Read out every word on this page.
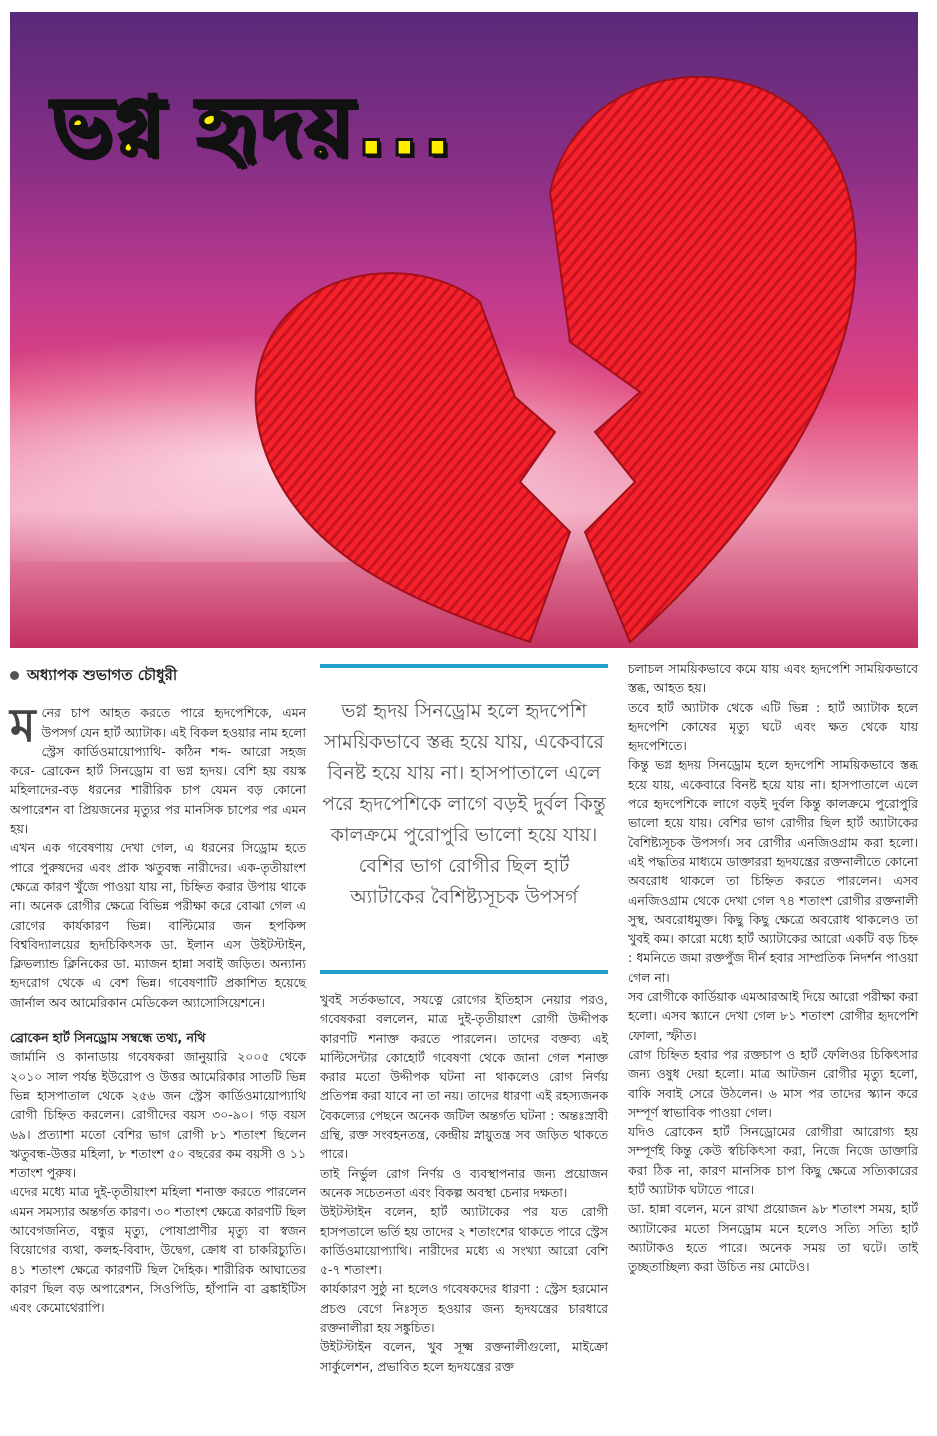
ভগ্ন হৃদয়...

অধ্যাপক শুভাগত চৌধুরী

মনের চাপ আহত করতে পারে হৃদপেশিকে, এমন উপসর্গ যেন হার্ট অ্যাটাক। এই বিকল হওয়ার নাম হলো স্ট্রেস কার্ডিওমায়োপ্যাথি- কঠিন শব্দ- আরো সহজ করে- ব্রোকেন হার্ট সিনড্রোম বা ভগ্ন হৃদয়। বেশি হয় বয়স্ক মহিলাদের-বড় ধরনের শারীরিক চাপ যেমন বড় কোনো অপারেশন বা প্রিয়জনের মৃত্যুর পর মানসিক চাপের পর এমন হয়।

এখন এক গবেষণায় দেখা গেল, এ ধরনের সিড্রোম হতে পারে পুরুষদের এবং প্রাক ঋতুবন্ধ নারীদের। এক-তৃতীয়াংশ ক্ষেত্রে কারণ খুঁজে পাওয়া যায় না, চিহ্নিত করার উপায় থাকে না। অনেক রোগীর ক্ষেত্রে বিভিন্ন পরীক্ষা করে বোঝা গেল এ রোগের কার্যকারণ ভিন্ন। বাল্টিমোর জন হপকিন্স বিশ্ববিদ্যালয়ের হৃদচিকিৎসক ডা. ইলান এস উইটস্টাইন, ক্লিভল্যান্ড ক্লিনিকের ডা. ম্যাজন হান্না সবাই জড়িত। অন্যান্য হৃদরোগ থেকে এ বেশ ভিন্ন। গবেষণাটি প্রকাশিত হয়েছে জার্নাল অব আমেরিকান মেডিকেল অ্যাসোসিয়েশনে।

ব্রোকেন হার্ট সিনড্রোম সম্বন্ধে তথ্য, নথি

জার্মানি ও কানাডায় গবেষকরা জানুয়ারি ২০০৫ থেকে ২০১০ সাল পর্যন্ত ইউরোপ ও উত্তর আমেরিকার সাতটি ভিন্ন ভিন্ন হাসপাতাল থেকে ২৫৬ জন স্ট্রেস কার্ডিওমায়োপ্যাথি রোগী চিহ্নিত করলেন। রোগীদের বয়স ৩০-৯০। গড় বয়স ৬৯। প্রত্যাশা মতো বেশির ভাগ রোগী ৮১ শতাংশ ছিলেন ঋতুবন্ধ-উত্তর মহিলা, ৮ শতাংশ ৫০ বছরের কম বয়সী ও ১১ শতাংশ পুরুষ।

এদের মধ্যে মাত্র দুই-তৃতীয়াংশ মহিলা শনাক্ত করতে পারলেন এমন সমস্যার অন্তর্গত কারণ। ৩০ শতাংশ ক্ষেত্রে কারণটি ছিল আবেগজনিত, বন্ধুর মৃত্যু, পোষাপ্রাণীর মৃত্যু বা স্বজন বিয়োগের ব্যথা, কলহ-বিবাদ, উদ্বেগ, ক্রোধ বা চাকরিচ্যুতি। ৪১ শতাংশ ক্ষেত্রে কারণটি ছিল দৈহিক। শারীরিক আঘাতের কারণ ছিল বড় অপারেশন, সিওপিডি, হাঁপানি বা ব্রঙ্কাইটিস এবং কেমোথেরাপি।

ভগ্ন হৃদয় সিনড্রোম হলে হৃদপেশি সাময়িকভাবে স্তব্ধ হয়ে যায়, একেবারে বিনষ্ট হয়ে যায় না। হাসপাতালে এলে পরে হৃদপেশিকে লাগে বড়ই দুর্বল কিন্তু কালক্রমে পুরোপুরি ভালো হয়ে যায়। বেশির ভাগ রোগীর ছিল হার্ট অ্যাটাকের বৈশিষ্ট্যসূচক উপসর্গ

খুবই সর্তকভাবে, সযত্নে রোগের ইতিহাস নেয়ার পরও, গবেষকরা বললেন, মাত্র দুই-তৃতীয়াংশ রোগী উদ্দীপক কারণটি শনাক্ত করতে পারলেন। তাদের বক্তব্য এই মাল্টিসেন্টার কোহোর্ট গবেষণা থেকে জানা গেল শনাক্ত করার মতো উদ্দীপক ঘটনা না থাকলেও রোগ নির্ণয় প্রতিপন্ন করা যাবে না তা নয়। তাদের ধারণা এই রহস্যজনক বৈকল্যের পেছনে অনেক জটিল অন্তর্গত ঘটনা : অন্তঃস্রাবী গ্রন্থি, রক্ত সংবহনতন্ত্র, কেন্দ্রীয় স্নায়ুতন্ত্র সব জড়িত থাকতে পারে।

তাই নির্ভুল রোগ নির্ণয় ও ব্যবস্থাপনার জন্য প্রয়োজন অনেক সচেতনতা এবং বিকল্প অবস্থা চেনার দক্ষতা।

উইটস্টাইন বলেন, হার্ট অ্যাটাকের পর যত রোগী হাসপতালে ভর্তি হয় তাদের ২ শতাংশের থাকতে পারে স্ট্রেস কার্ডিওমায়োপ্যাথি। নারীদের মধ্যে এ সংখ্যা আরো বেশি ৫-৭ শতাংশ।

কার্যকারণ সুষ্ঠু না হলেও গবেষকদের ধারণা : স্ট্রেস হরমোন প্রচণ্ড বেগে নিঃসৃত হওয়ার জন্য হৃদযন্ত্রের চারধারে রক্তনালীরা হয় সঙ্কুচিত।

উইটস্টাইন বলেন, খুব সূক্ষ্ম রক্তনালীগুলো, মাইক্রো সার্কুলেশন, প্রভাবিত হলে হৃদযন্ত্রের রক্ত

চলাচল সাময়িকভাবে কমে যায় এবং হৃদপেশি সাময়িকভাবে স্তব্ধ, আহত হয়।

তবে হার্ট অ্যাটাক থেকে এটি ভিন্ন : হার্ট অ্যাটাক হলে হৃদপেশি কোষের মৃত্যু ঘটে এবং ক্ষত থেকে যায় হৃদপেশিতে।

কিন্তু ভগ্ন হৃদয় সিনড্রোম হলে হৃদপেশি সাময়িকভাবে স্তব্ধ হয়ে যায়, একেবারে বিনষ্ট হয়ে যায় না। হাসপাতালে এলে পরে হৃদপেশিকে লাগে বড়ই দুর্বল কিন্তু কালক্রমে পুরোপুরি ভালো হয়ে যায়। বেশির ভাগ রোগীর ছিল হার্ট অ্যাটাকের বৈশিষ্ট্যসূচক উপসর্গ। সব রোগীর এনজিওগ্রাম করা হলো। এই পদ্ধতির মাধ্যমে ডাক্তাররা হৃদযন্ত্রের রক্তনালীতে কোনো অবরোধ থাকলে তা চিহ্নিত করতে পারলেন। এসব এনজিওগ্রাম থেকে দেখা গেল ৭৪ শতাংশ রোগীর রক্তনালী সুস্থ, অবরোধমুক্ত। কিছু কিছু ক্ষেত্রে অবরোধ থাকলেও তা খুবই কম। কারো মধ্যে হার্ট অ্যাটাকের আরো একটি বড় চিহ্ন : ধমনিতে জমা রক্তপুঁজ দীর্ন হবার সাম্প্রতিক নিদর্শন পাওয়া গেল না।

সব রোগীকে কার্ডিয়াক এমআরআই দিয়ে আরো পরীক্ষা করা হলো। এসব স্ক্যানে দেখা গেল ৮১ শতাংশ রোগীর হৃদপেশি ফোলা, স্ফীত।

রোগ চিহ্নিত হবার পর রক্তচাপ ও হার্ট ফেলিওর চিকিৎসার জন্য ওষুধ দেয়া হলো। মাত্র আটজন রোগীর মৃত্যু হলো, বাকি সবাই সেরে উঠলেন। ৬ মাস পর তাদের স্ক্যান করে সম্পূর্ণ স্বাভাবিক পাওয়া গেল।

যদিও ব্রোকেন হার্ট সিনড্রোমের রোগীরা আরোগ্য হয় সম্পূর্ণই কিন্তু কেউ স্বচিকিৎসা করা, নিজে নিজে ডাক্তারি করা ঠিক না, কারণ মানসিক চাপ কিছু ক্ষেত্রে সত্যিকারের হার্ট অ্যাটাক ঘটাতে পারে।

ডা. হান্না বলেন, মনে রাখা প্রয়োজন ৯৮ শতাংশ সময়, হার্ট অ্যাটাকের মতো সিনড্রোম মনে হলেও সত্যি সত্যি হার্ট অ্যাটাকও হতে পারে। অনেক সময় তা ঘটে। তাই তুচ্ছতাচ্ছিল্য করা উচিত নয় মোটেও।
